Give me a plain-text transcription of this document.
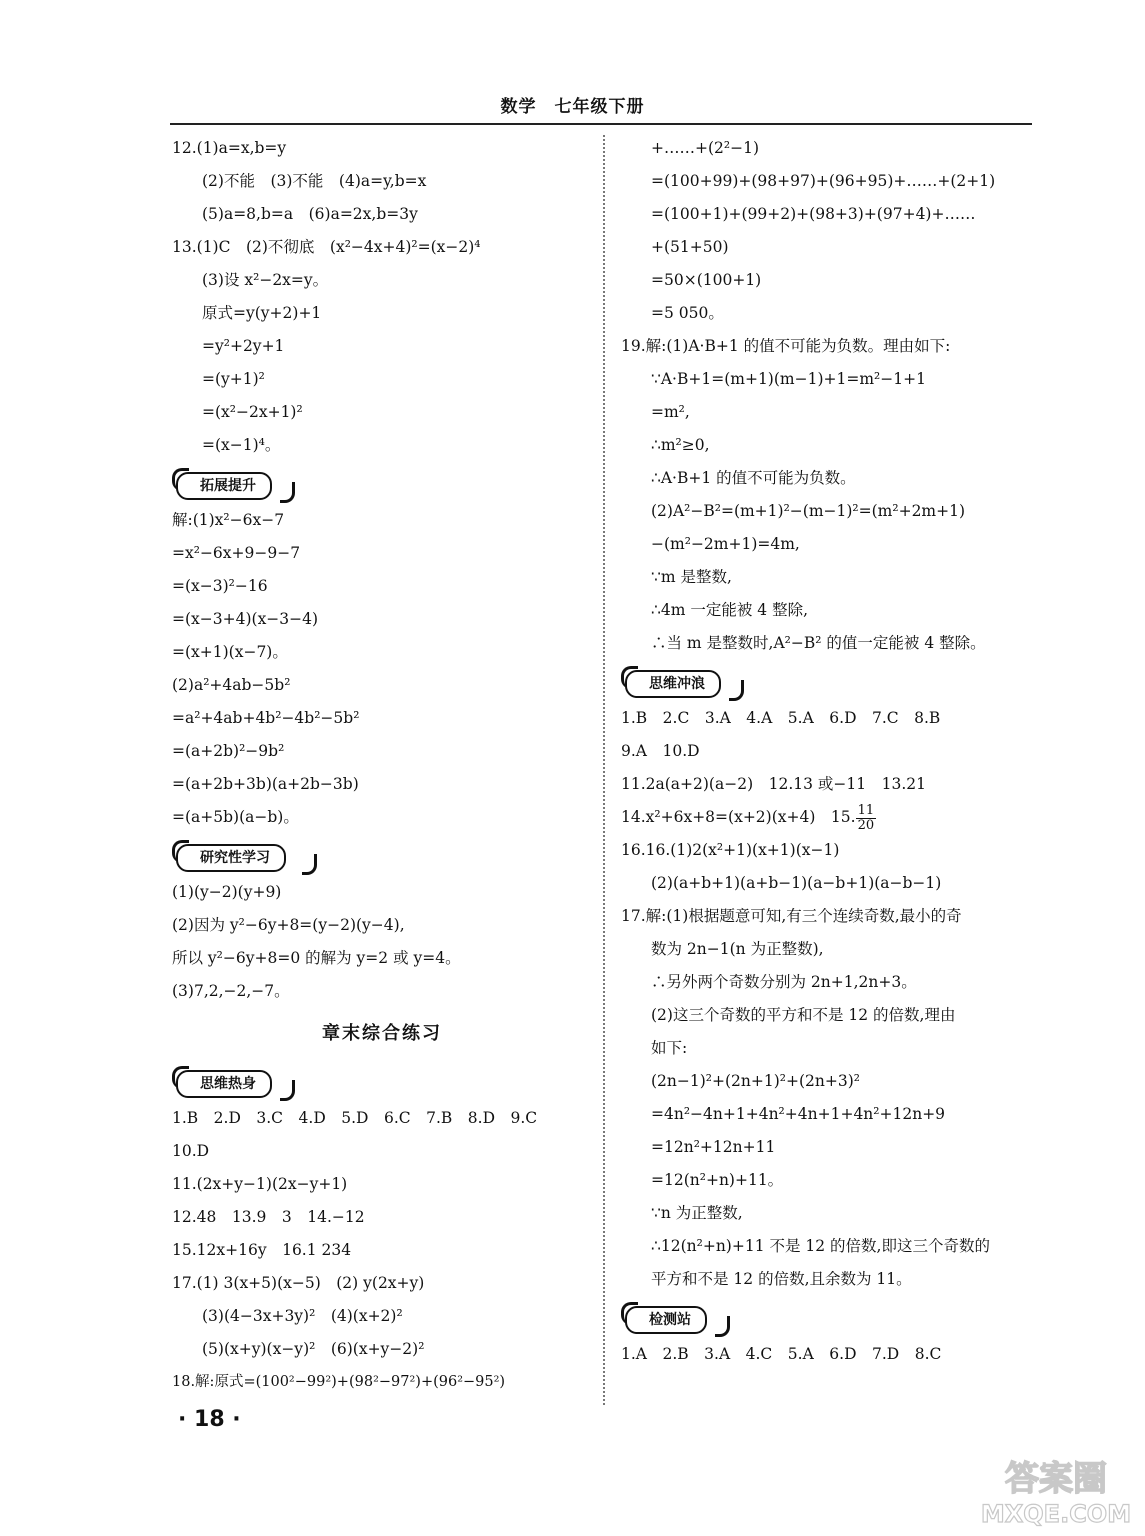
数学　七年级下册
12.(1)a=x,b=y
(2)不能　(3)不能　(4)a=y,b=x
(5)a=8,b=a　(6)a=2x,b=3y
13.(1)C　(2)不彻底　(x²−4x+4)²=(x−2)⁴
(3)设 x²−2x=y。
原式=y(y+2)+1
=y²+2y+1
=(y+1)²
=(x²−2x+1)²
=(x−1)⁴。
拓展提升
解:(1)x²−6x−7
=x²−6x+9−9−7
=(x−3)²−16
=(x−3+4)(x−3−4)
=(x+1)(x−7)。
(2)a²+4ab−5b²
=a²+4ab+4b²−4b²−5b²
=(a+2b)²−9b²
=(a+2b+3b)(a+2b−3b)
=(a+5b)(a−b)。
研究性学习
(1)(y−2)(y+9)
(2)因为 y²−6y+8=(y−2)(y−4),
所以 y²−6y+8=0 的解为 y=2 或 y=4。
(3)7,2,−2,−7。
章末综合练习
思维热身
1.B　2.D　3.C　4.D　5.D　6.C　7.B　8.D　9.C
10.D
11.(2x+y−1)(2x−y+1)
12.48　13.9　3　14.−12
15.12x+16y　16.1 234
17.(1) 3(x+5)(x−5)　(2) y(2x+y)
(3)(4−3x+3y)²　(4)(x+2)²
(5)(x+y)(x−y)²　(6)(x+y−2)²
18.解:原式=(100²−99²)+(98²−97²)+(96²−95²)
+……+(2²−1)
=(100+99)+(98+97)+(96+95)+……+(2+1)
=(100+1)+(99+2)+(98+3)+(97+4)+……
+(51+50)
=50×(100+1)
=5 050。
19.解:(1)A·B+1 的值不可能为负数。理由如下:
∵A·B+1=(m+1)(m−1)+1=m²−1+1
=m²,
∴m²≥0,
∴A·B+1 的值不可能为负数。
(2)A²−B²=(m+1)²−(m−1)²=(m²+2m+1)
−(m²−2m+1)=4m,
∵m 是整数,
∴4m 一定能被 4 整除,
∴当 m 是整数时,A²−B² 的值一定能被 4 整除。
思维冲浪
1.B　2.C　3.A　4.A　5.A　6.D　7.C　8.B
9.A　10.D
11.2a(a+2)(a−2)　12.13 或−11　13.21
14.x²+6x+8=(x+2)(x+4)　15. $\frac{11}{20}$
16.16.(1)2(x²+1)(x+1)(x−1)
(2)(a+b+1)(a+b−1)(a−b+1)(a−b−1)
17.解:(1)根据题意可知,有三个连续奇数,最小的奇
数为 2n−1(n 为正整数),
∴另外两个奇数分别为 2n+1,2n+3。
(2)这三个奇数的平方和不是 12 的倍数,理由
如下:
(2n−1)²+(2n+1)²+(2n+3)²
=4n²−4n+1+4n²+4n+1+4n²+12n+9
=12n²+12n+11
=12(n²+n)+11。
∵n 为正整数,
∴12(n²+n)+11 不是 12 的倍数,即这三个奇数的
平方和不是 12 的倍数,且余数为 11。
检测站
1.A　2.B　3.A　4.C　5.A　6.D　7.D　8.C
· 18 ·
答案圈
MXQE.COM
